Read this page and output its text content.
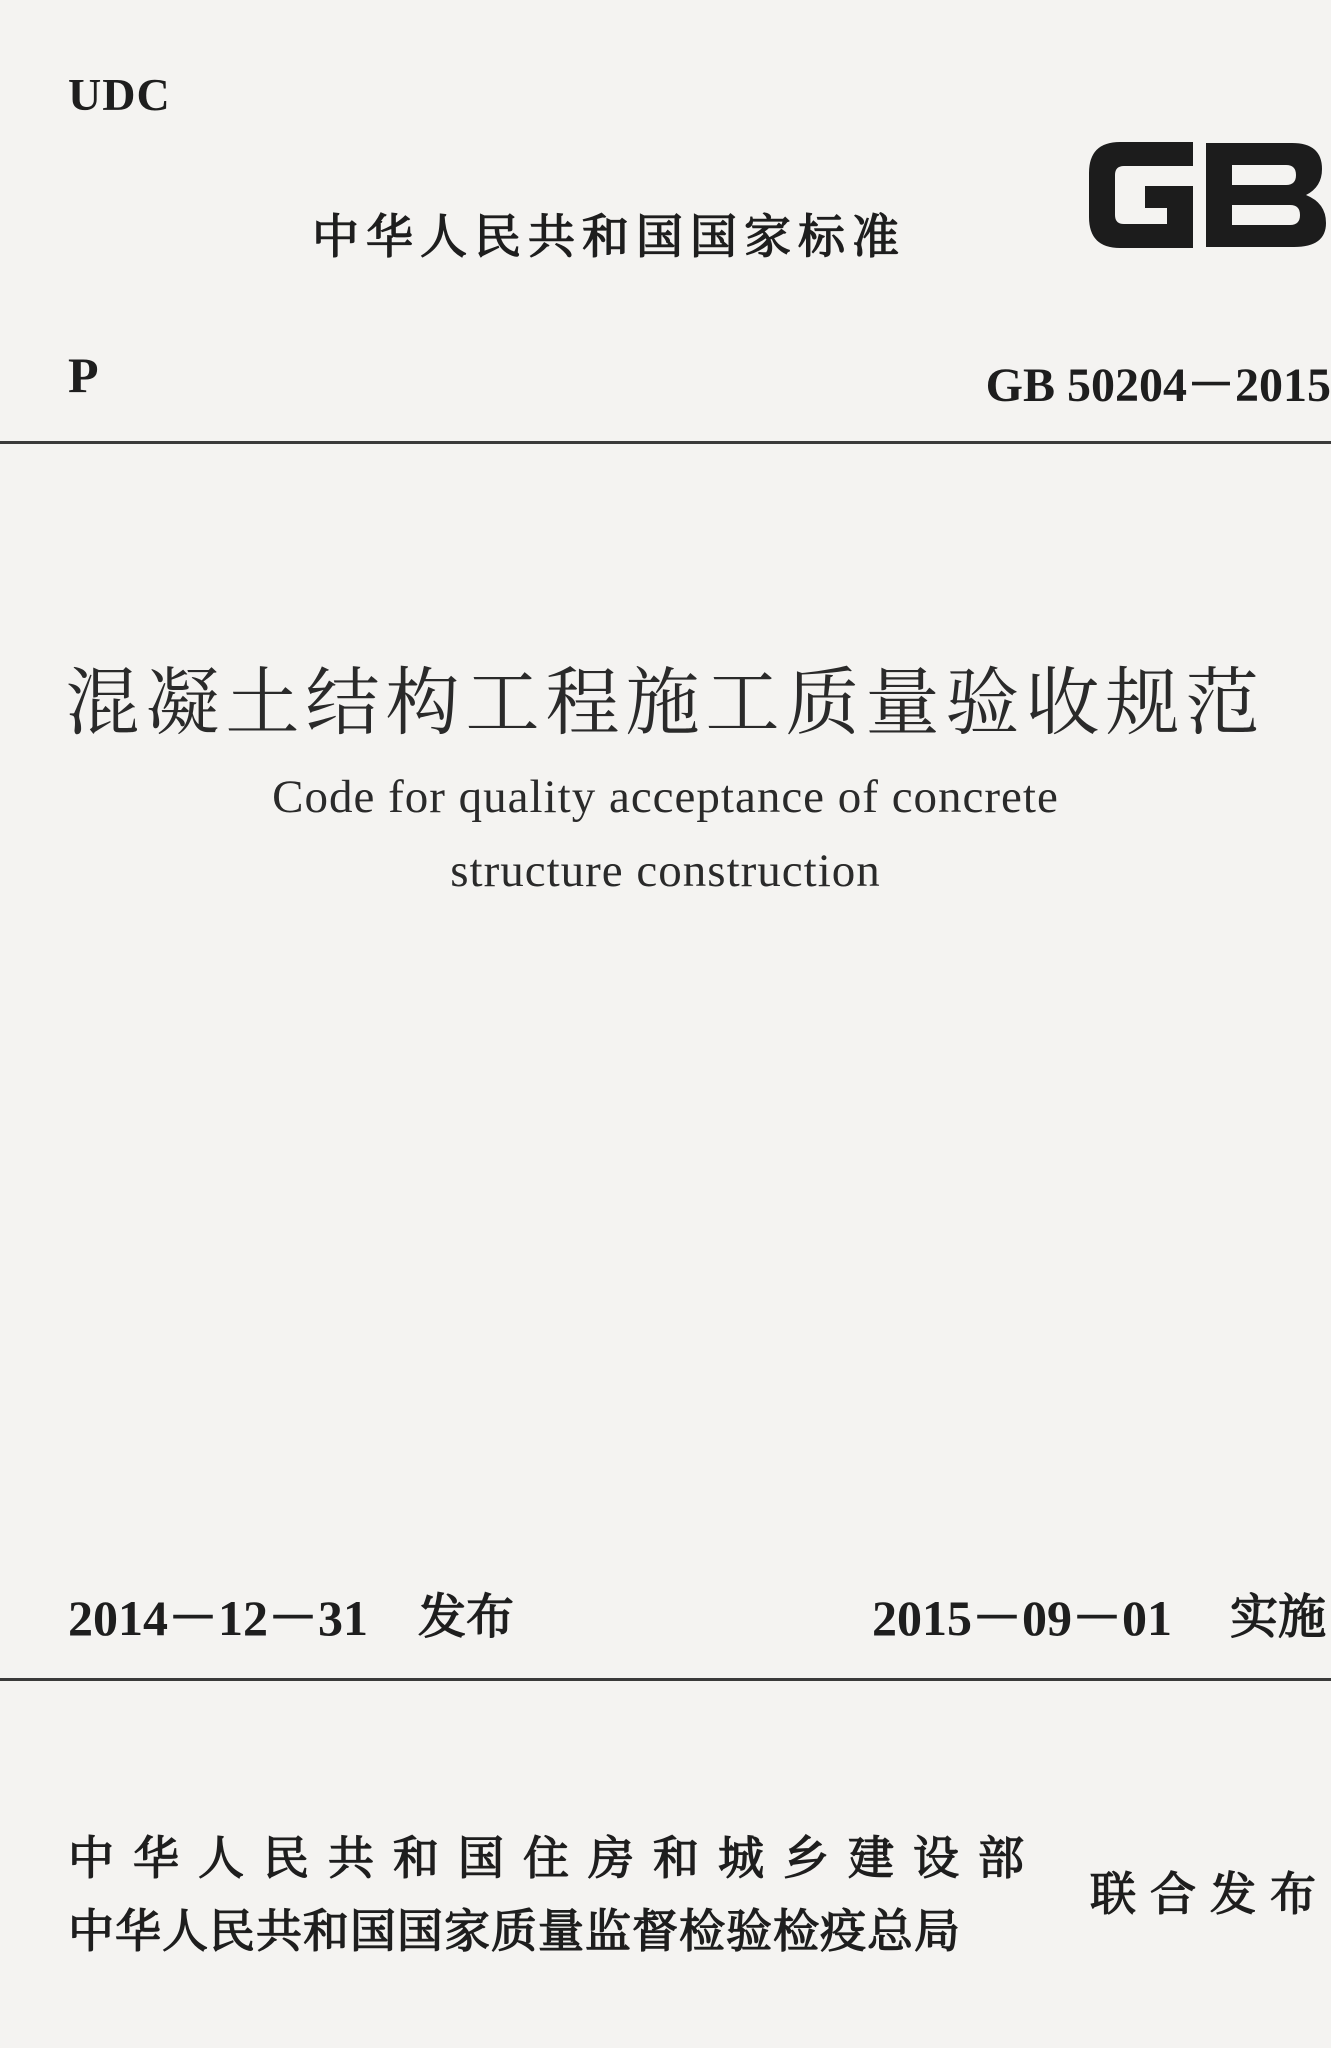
UDC
中华人民共和国国家标准
P	GB 50204－2015
混凝土结构工程施工质量验收规范
Code for quality acceptance of concrete
structure construction
2014－12－31 发布	2015－09－01 实施
中华人民共和国住房和城乡建设部
中华人民共和国国家质量监督检验检疫总局
联合发布
